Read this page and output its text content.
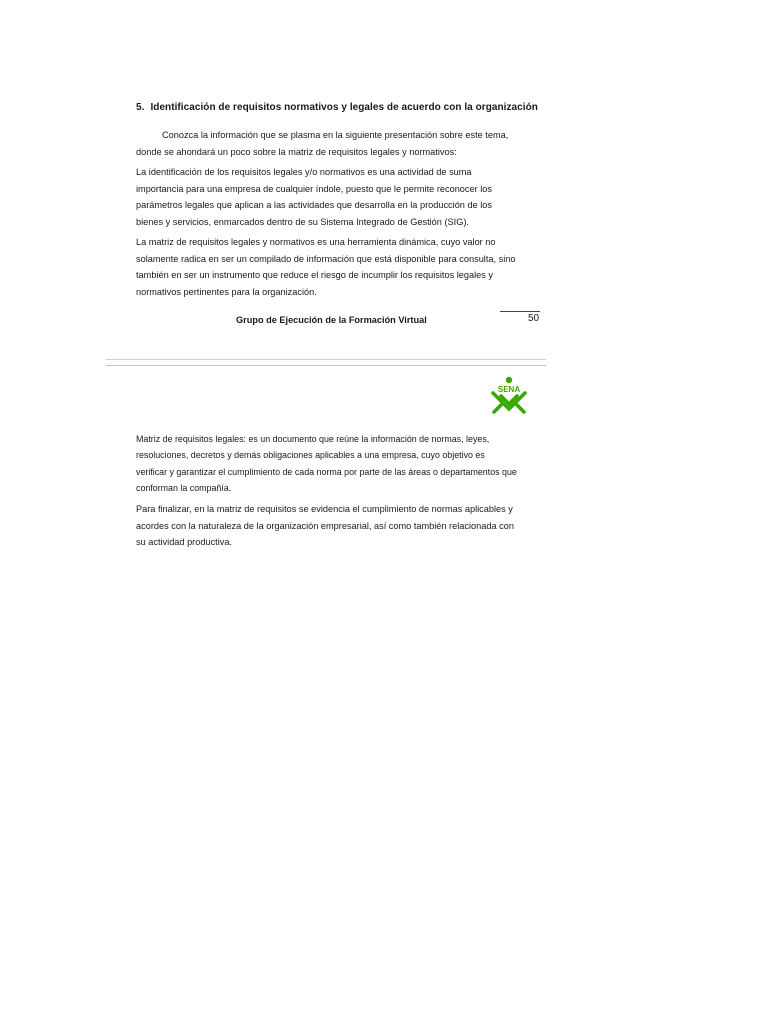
5. Identificación de requisitos normativos y legales de acuerdo con la organización

Conozca la información que se plasma en la siguiente presentación sobre este tema, donde se ahondará un poco sobre la matriz de requisitos legales y normativos:

La identificación de los requisitos legales y/o normativos es una actividad de suma importancia para una empresa de cualquier índole, puesto que le permite reconocer los parámetros legales que aplican a las actividades que desarrolla en la producción de los bienes y servicios, enmarcados dentro de su Sistema Integrado de Gestión (SIG).

La matriz de requisitos legales y normativos es una herramienta dinámica, cuyo valor no solamente radica en ser un compilado de información que está disponible para consulta, sino también en ser un instrumento que reduce el riesgo de incumplir los requisitos legales y normativos pertinentes para la organización.

Grupo de Ejecución de la Formación Virtual	50
SENA

Matriz de requisitos legales: es un documento que reúne la información de normas, leyes, resoluciones, decretos y demás obligaciones aplicables a una empresa, cuyo objetivo es verificar y garantizar el cumplimiento de cada norma por parte de las áreas o departamentos que conforman la compañía.

Para finalizar, en la matriz de requisitos se evidencia el cumplimiento de normas aplicables y acordes con la naturaleza de la organización empresarial, así como también relacionada con su actividad productiva.
